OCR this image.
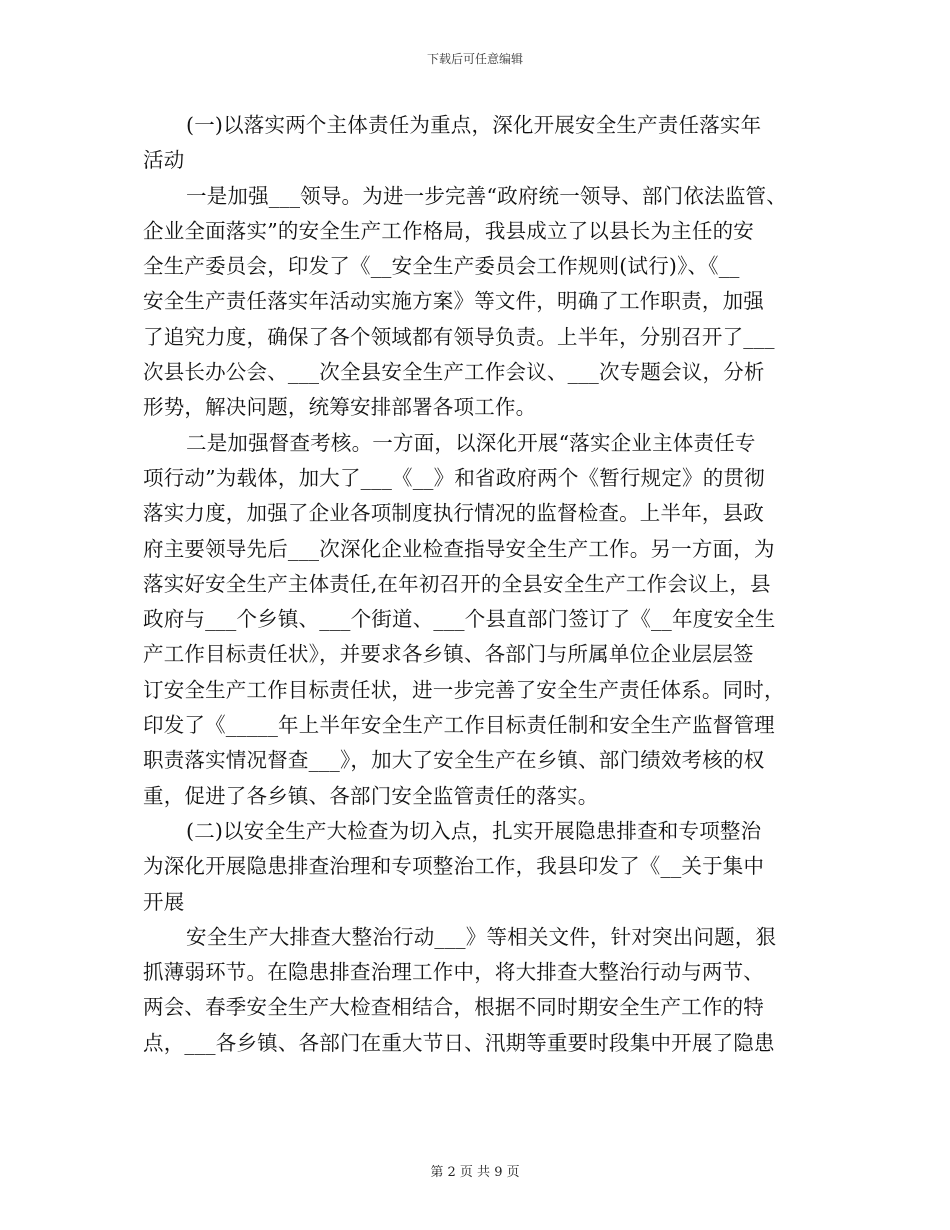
下载后可任意编辑
(一)以落实两个主体责任为重点，深化开展安全生产责任落实年
活动
一是加强___领导。为进一步完善“政府统一领导、部门依法监管、
企业全面落实”的安全生产工作格局，我县成立了以县长为主任的安
全生产委员会，印发了《__安全生产委员会工作规则(试行)》、《__
安全生产责任落实年活动实施方案》等文件，明确了工作职责，加强
了追究力度，确保了各个领域都有领导负责。上半年，分别召开了___
次县长办公会、___次全县安全生产工作会议、___次专题会议，分析
形势，解决问题，统筹安排部署各项工作。
二是加强督查考核。一方面，以深化开展“落实企业主体责任专
项行动”为载体，加大了___《__》和省政府两个《暂行规定》的贯彻
落实力度，加强了企业各项制度执行情况的监督检查。上半年，县政
府主要领导先后___次深化企业检查指导安全生产工作。另一方面，为
落实好安全生产主体责任,在年初召开的全县安全生产工作会议上，县
政府与___个乡镇、___个街道、___个县直部门签订了《__年度安全生
产工作目标责任状》，并要求各乡镇、各部门与所属单位企业层层签
订安全生产工作目标责任状，进一步完善了安全生产责任体系。同时，
印发了《_____年上半年安全生产工作目标责任制和安全生产监督管理
职责落实情况督查___》，加大了安全生产在乡镇、部门绩效考核的权
重，促进了各乡镇、各部门安全监管责任的落实。
(二)以安全生产大检查为切入点，扎实开展隐患排查和专项整治
为深化开展隐患排查治理和专项整治工作，我县印发了《__关于集中
开展
安全生产大排查大整治行动___》等相关文件，针对突出问题，狠
抓薄弱环节。在隐患排查治理工作中，将大排查大整治行动与两节、
两会、春季安全生产大检查相结合，根据不同时期安全生产工作的特
点，___各乡镇、各部门在重大节日、汛期等重要时段集中开展了隐患
第 2 页 共 9 页
